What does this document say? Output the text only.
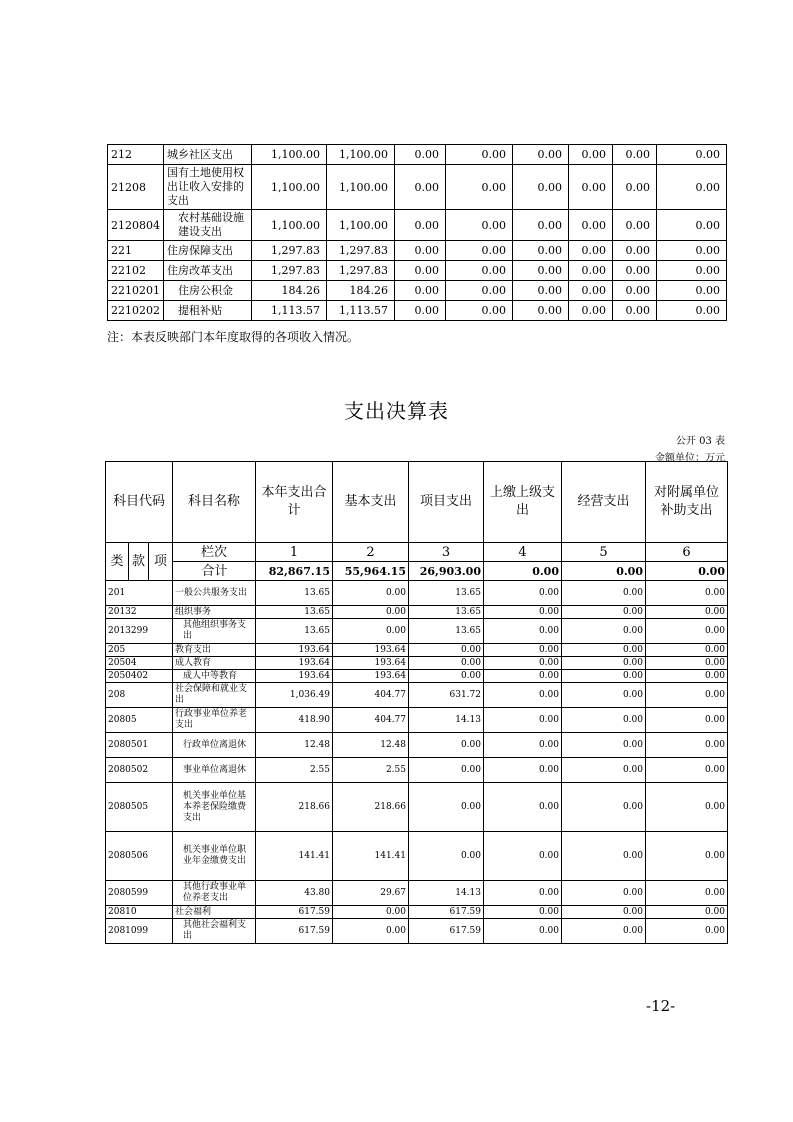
212	城乡社区支出	1,100.00	1,100.00	0.00	0.00	0.00	0.00	0.00	0.00
21208	国有土地使用权出让收入安排的支出	1,100.00	1,100.00	0.00	0.00	0.00	0.00	0.00	0.00
2120804	农村基础设施建设支出	1,100.00	1,100.00	0.00	0.00	0.00	0.00	0.00	0.00
221	住房保障支出	1,297.83	1,297.83	0.00	0.00	0.00	0.00	0.00	0.00
22102	住房改革支出	1,297.83	1,297.83	0.00	0.00	0.00	0.00	0.00	0.00
2210201	住房公积金	184.26	184.26	0.00	0.00	0.00	0.00	0.00	0.00
2210202	提租补贴	1,113.57	1,113.57	0.00	0.00	0.00	0.00	0.00	0.00
注：本表反映部门本年度取得的各项收入情况。
支出决算表
公开 03 表
金额单位：万元
科目代码			科目名称	本年支出合计	基本支出	项目支出	上缴上级支出	经营支出	对附属单位补助支出
类	款	项	栏次	1	2	3	4	5	6
			合计	82,867.15	55,964.15	26,903.00	0.00	0.00	0.00
201			一般公共服务支出	13.65	0.00	13.65	0.00	0.00	0.00
20132			组织事务	13.65	0.00	13.65	0.00	0.00	0.00
2013299			其他组织事务支出	13.65	0.00	13.65	0.00	0.00	0.00
205			教育支出	193.64	193.64	0.00	0.00	0.00	0.00
20504			成人教育	193.64	193.64	0.00	0.00	0.00	0.00
2050402			成人中等教育	193.64	193.64	0.00	0.00	0.00	0.00
208			社会保障和就业支出	1,036.49	404.77	631.72	0.00	0.00	0.00
20805			行政事业单位养老支出	418.90	404.77	14.13	0.00	0.00	0.00
2080501			行政单位离退休	12.48	12.48	0.00	0.00	0.00	0.00
2080502			事业单位离退休	2.55	2.55	0.00	0.00	0.00	0.00
2080505			机关事业单位基本养老保险缴费支出	218.66	218.66	0.00	0.00	0.00	0.00
2080506			机关事业单位职业年金缴费支出	141.41	141.41	0.00	0.00	0.00	0.00
2080599			其他行政事业单位养老支出	43.80	29.67	14.13	0.00	0.00	0.00
20810			社会福利	617.59	0.00	617.59	0.00	0.00	0.00
2081099			其他社会福利支出	617.59	0.00	617.59	0.00	0.00	0.00
-12-
